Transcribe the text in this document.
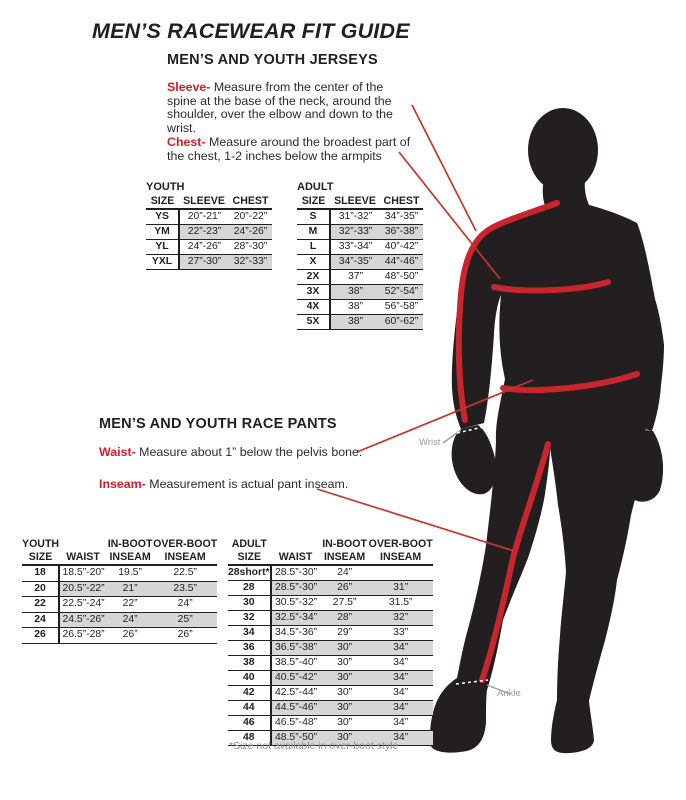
MEN’S RACEWEAR FIT GUIDE
MEN’S AND YOUTH JERSEYS
Sleeve- Measure from the center of the spine at the base of the neck, around the shoulder, over the elbow and down to the wrist.
Chest- Measure around the broadest part of the chest, 1-2 inches below the armpits
YOUTH
SIZE	SLEEVE	CHEST

YS	20”-21”	20”-22”
YM	22”-23”	24”-26”
YL	24”-26”	28”-30”
YXL	27”-30”	32”-33”
ADULT
SIZE	SLEEVE	CHEST

S	31”-32”	34”-35”
M	32”-33”	36”-38”
L	33”-34”	40”-42”
X	34”-35”	44”-46”
2X	37”	48”-50”
3X	38”	52”-54”
4X	38”	56”-58”
5X	38”	60”-62”
MEN’S AND YOUTH RACE PANTS
Waist- Measure about 1” below the pelvis bone.
Inseam- Measurement is actual pant inseam.
YOUTH
SIZE	WAIST	IN-BOOT
INSEAM	OVER-BOOT
INSEAM

18	18.5”-20”	19.5”	22.5”
20	20.5”-22”	21”	23.5”
22	22.5”-24”	22”	24”
24	24.5”-26”	24”	25”
26	26.5”-28”	26”	26”
ADULT
SIZE	WAIST	IN-BOOT
INSEAM	OVER-BOOT
INSEAM

28short*	28.5”-30”	24”	
28	28.5”-30”	26”	31”
30	30.5”-32”	27.5”	31.5”
32	32.5”-34”	28”	32”
34	34.5”-36”	29”	33”
36	36.5”-38”	30”	34”
38	38.5”-40”	30”	34”
40	40.5”-42”	30”	34”
42	42.5”-44”	30”	34”
44	44.5”-46”	30”	34”
46	46.5”-48”	30”	34”
48	48.5”-50”	30”	34”
*Size not available in over-boot style
Wrist
Ankle
